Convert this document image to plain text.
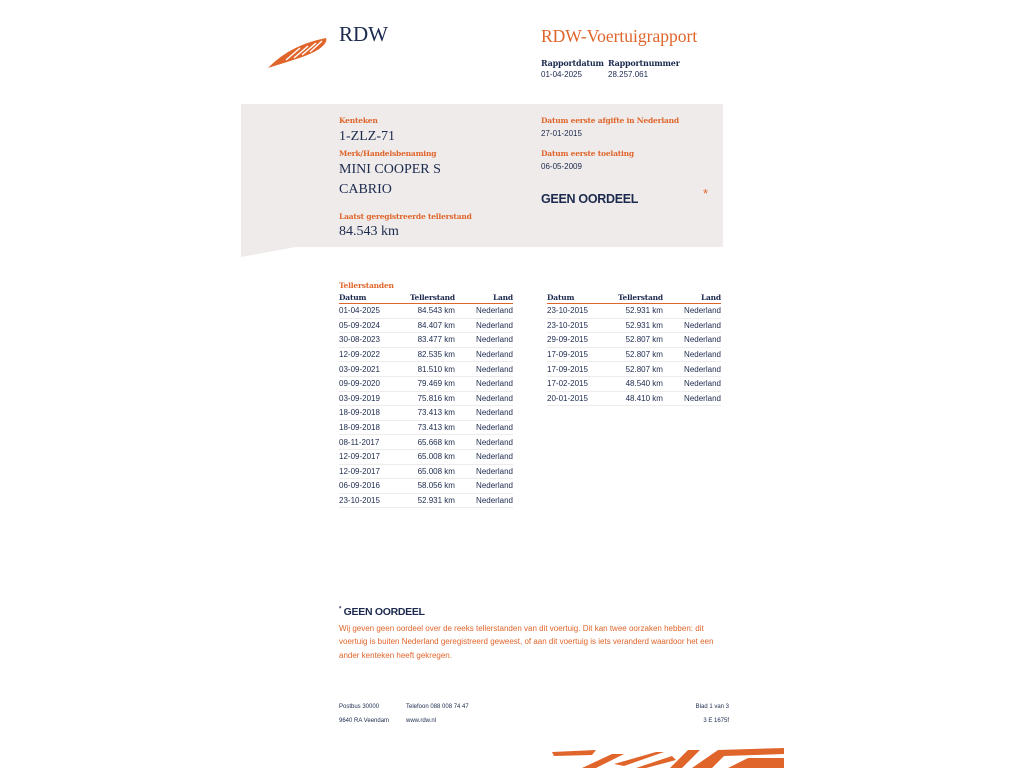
RDW	RDW-Voertuigrapport
Rapportdatum
01-04-2025
Rapportnummer
28.257.061
Kenteken
1-ZLZ-71
Merk/Handelsbenaming
MINI COOPER S
CABRIO
Laatst geregistreerde tellerstand
84.543 km
Datum eerste afgifte in Nederland
27-01-2015
Datum eerste toelating
06-05-2009
GEEN OORDEEL	*
Tellerstanden
Datum	Tellerstand	Land
01-04-2025	84.543 km	Nederland
05-09-2024	84.407 km	Nederland
30-08-2023	83.477 km	Nederland
12-09-2022	82.535 km	Nederland
03-09-2021	81.510 km	Nederland
09-09-2020	79.469 km	Nederland
03-09-2019	75.816 km	Nederland
18-09-2018	73.413 km	Nederland
18-09-2018	73.413 km	Nederland
08-11-2017	65.668 km	Nederland
12-09-2017	65.008 km	Nederland
12-09-2017	65.008 km	Nederland
06-09-2016	58.056 km	Nederland
23-10-2015	52.931 km	Nederland
Datum	Tellerstand	Land
23-10-2015	52.931 km	Nederland
23-10-2015	52.931 km	Nederland
29-09-2015	52.807 km	Nederland
17-09-2015	52.807 km	Nederland
17-09-2015	52.807 km	Nederland
17-02-2015	48.540 km	Nederland
20-01-2015	48.410 km	Nederland
* GEEN OORDEEL
Wij geven geen oordeel over de reeks tellerstanden van dit voertuig. Dit kan twee oorzaken hebben: dit voertuig is buiten Nederland geregistreerd geweest, of aan dit voertuig is iets veranderd waardoor het een ander kenteken heeft gekregen.
Postbus 30000
9640 RA Veendam
Telefoon 088 008 74 47
www.rdw.nl
Blad 1 van 3
3 E 1675f
